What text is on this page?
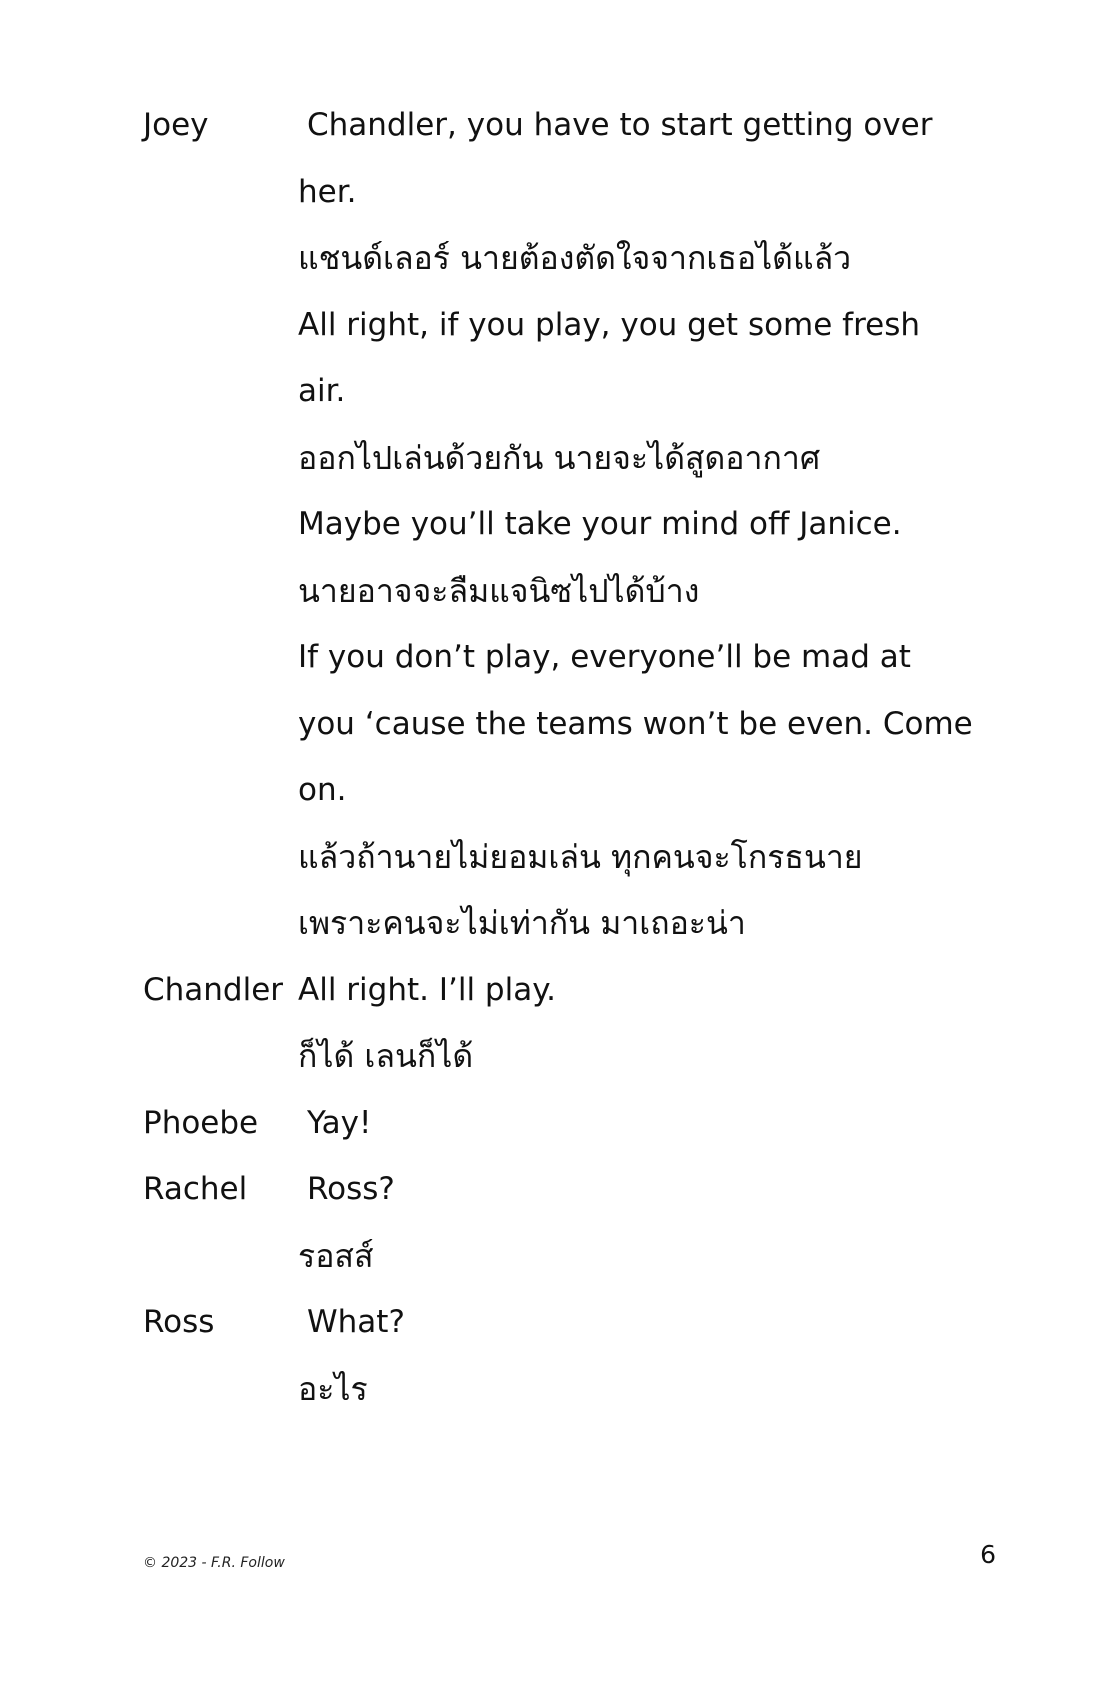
Joey	Chandler, you have to start getting over
her.
แชนด์เลอร์ นายต้องตัดใจจากเธอได้แล้ว
All right, if you play, you get some fresh
air.
ออกไปเล่นด้วยกัน นายจะได้สูดอากาศ
Maybe you’ll take your mind off Janice.
นายอาจจะลืมแจนิซไปได้บ้าง
If you don’t play, everyone’ll be mad at
you ‘cause the teams won’t be even. Come
on.
แล้วถ้านายไม่ยอมเล่น ทุกคนจะโกรธนาย
เพราะคนจะไม่เท่ากัน มาเถอะน่า
Chandler All right. I’ll play.
ก็ได้ เลนก็ได้
Phoebe Yay!
Rachel Ross?
รอสส์
Ross	What?
อะไร
© 2023 - F.R. Follow	6
